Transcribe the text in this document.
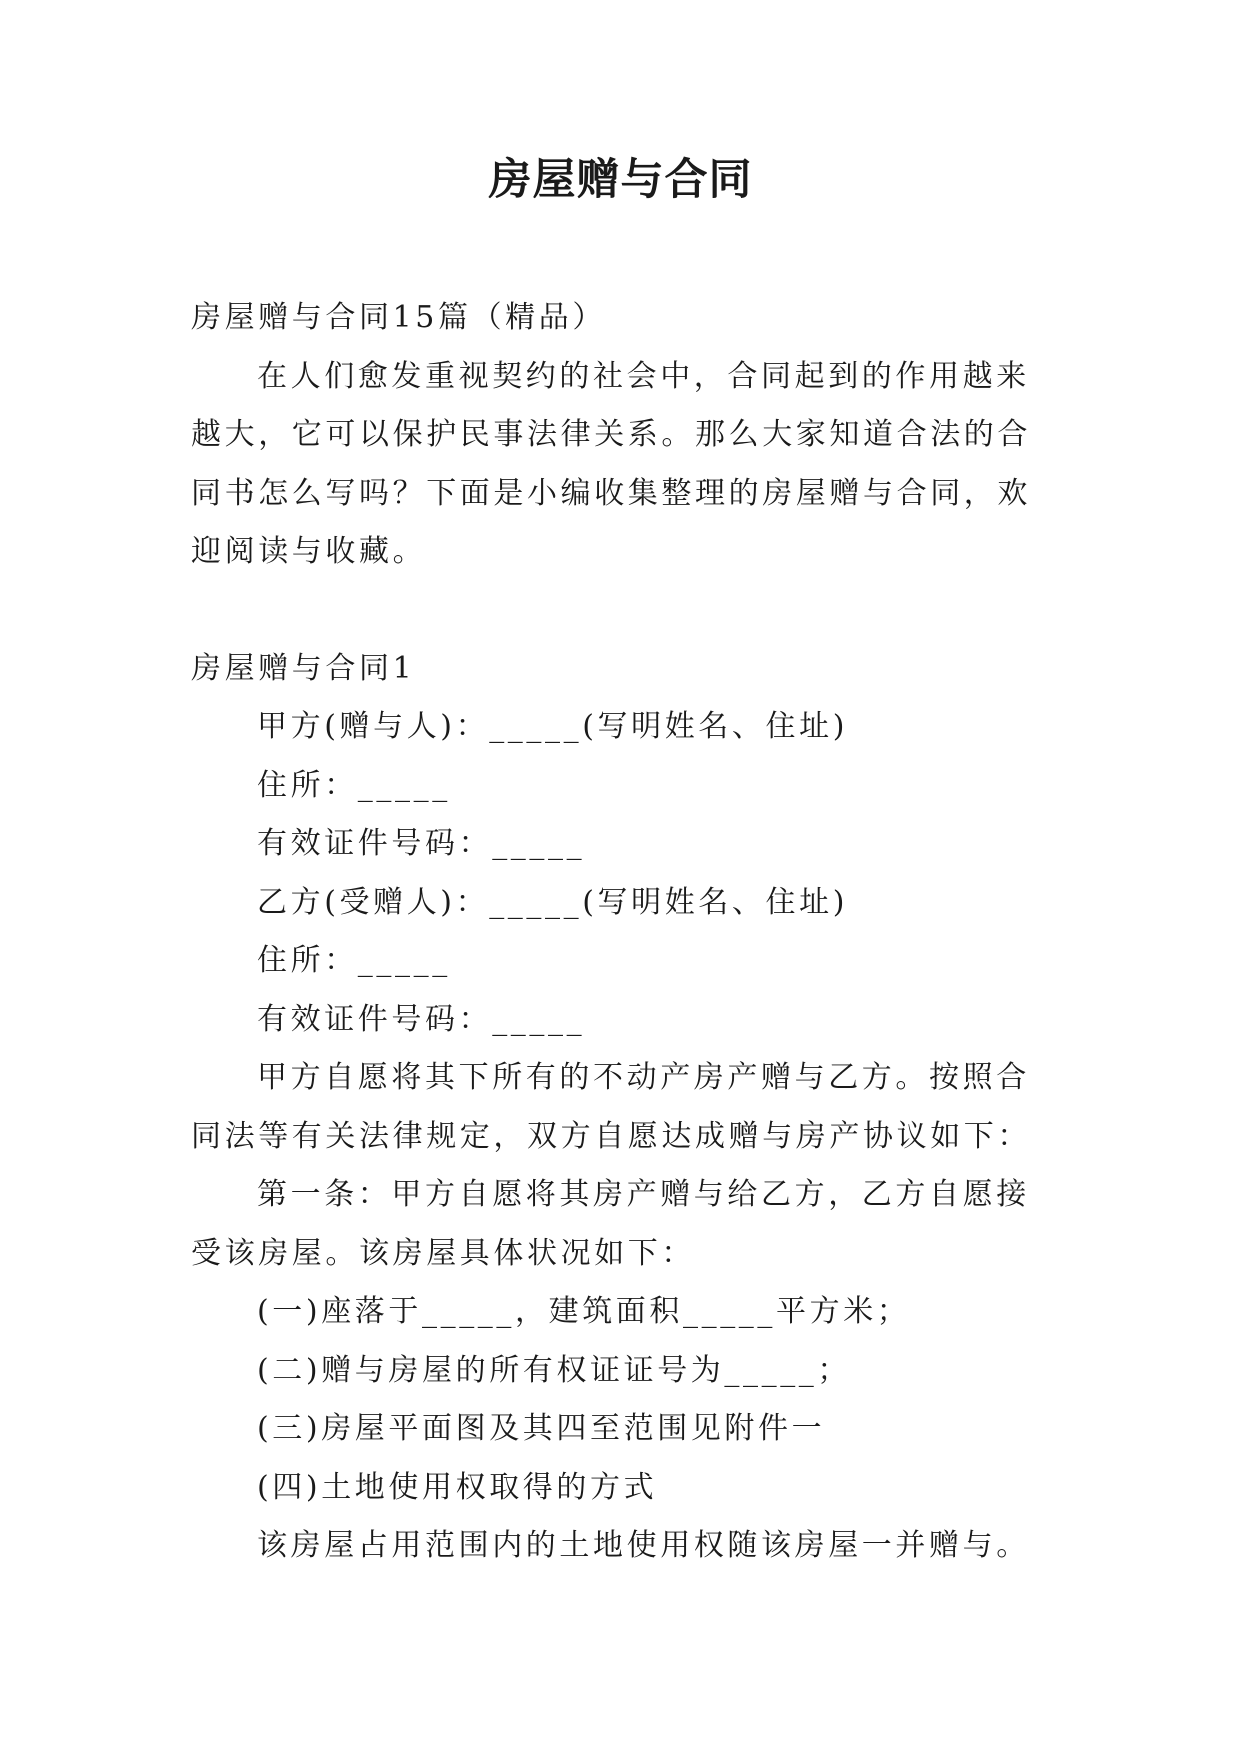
房屋赠与合同

房屋赠与合同15篇（精品）

在人们愈发重视契约的社会中，合同起到的作用越来越大，它可以保护民事法律关系。那么大家知道合法的合同书怎么写吗？下面是小编收集整理的房屋赠与合同，欢迎阅读与收藏。

房屋赠与合同1

甲方(赠与人)：_____(写明姓名、住址)

住所：_____

有效证件号码：_____

乙方(受赠人)：_____(写明姓名、住址)

住所：_____

有效证件号码：_____

甲方自愿将其下所有的不动产房产赠与乙方。按照合同法等有关法律规定，双方自愿达成赠与房产协议如下：

第一条：甲方自愿将其房产赠与给乙方，乙方自愿接受该房屋。该房屋具体状况如下：

(一)座落于_____，建筑面积_____平方米；

(二)赠与房屋的所有权证证号为_____；

(三)房屋平面图及其四至范围见附件一

(四)土地使用权取得的方式

该房屋占用范围内的土地使用权随该房屋一并赠与。
